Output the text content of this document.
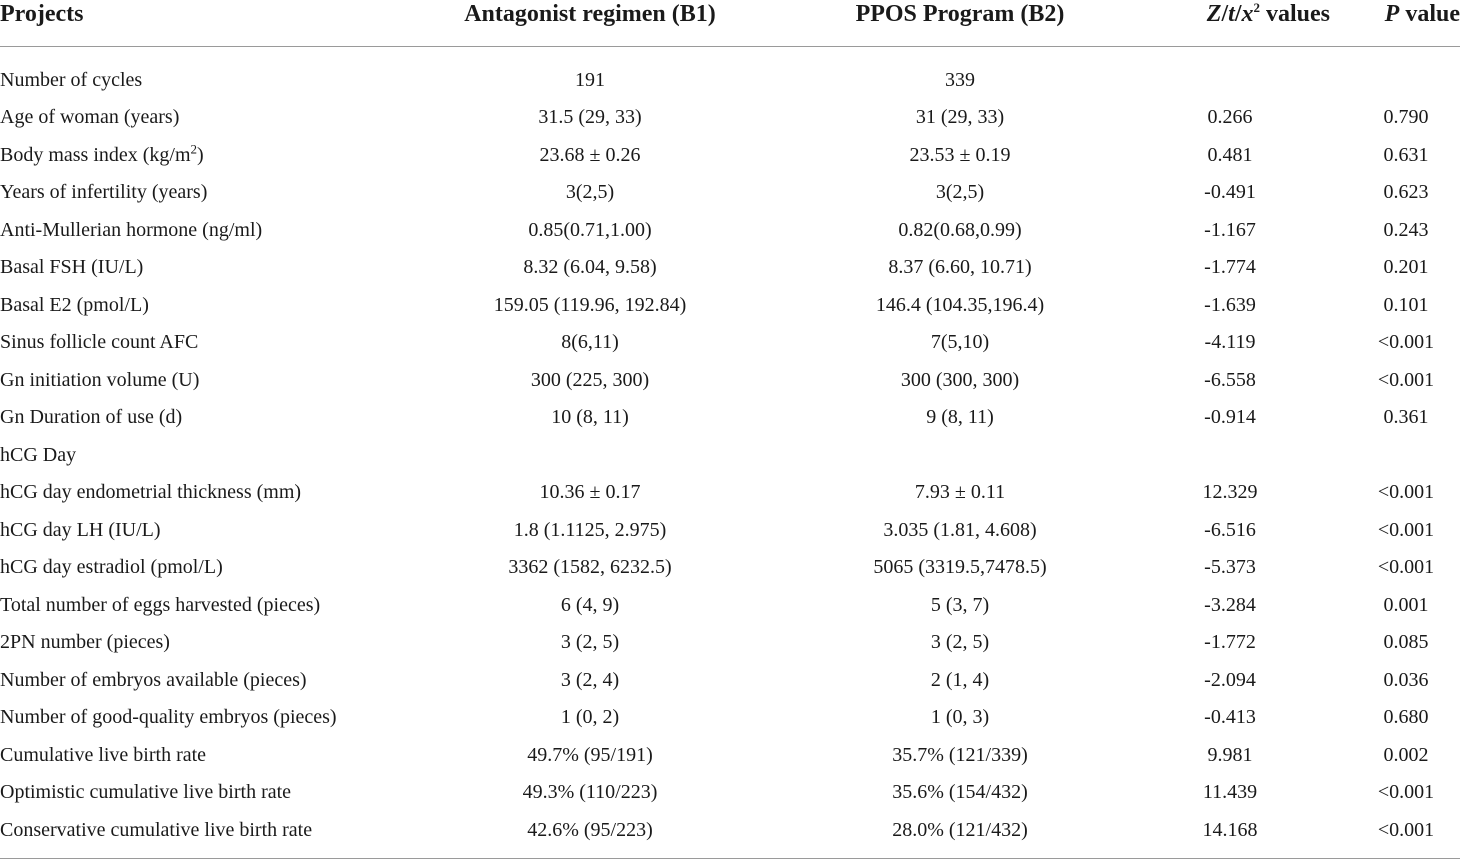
Projects	Antagonist regimen (B1)	PPOS Program (B2)	$Z/t/x^2$ values	P value

Number of cycles	191	339		
Age of woman (years)	31.5 (29, 33)	31 (29, 33)	0.266	0.790
Body mass index $(kg/m^2)$	23.68 ± 0.26	23.53 ± 0.19	0.481	0.631
Years of infertility (years)	3(2,5)	3(2,5)	-0.491	0.623
Anti-Mullerian hormone (ng/ml)	0.85(0.71,1.00)	0.82(0.68,0.99)	-1.167	0.243
Basal FSH (IU/L)	8.32 (6.04, 9.58)	8.37 (6.60, 10.71)	-1.774	0.201
Basal E2 (pmol/L)	159.05 (119.96, 192.84)	146.4 (104.35,196.4)	-1.639	0.101
Sinus follicle count AFC	8(6,11)	7(5,10)	-4.119	<0.001
Gn initiation volume (U)	300 (225, 300)	300 (300, 300)	-6.558	<0.001
Gn Duration of use (d)	10 (8, 11)	9 (8, 11)	-0.914	0.361
hCG Day				
hCG day endometrial thickness (mm)	10.36 ± 0.17	7.93 ± 0.11	12.329	<0.001
hCG day LH (IU/L)	1.8 (1.1125, 2.975)	3.035 (1.81, 4.608)	-6.516	<0.001
hCG day estradiol (pmol/L)	3362 (1582, 6232.5)	5065 (3319.5,7478.5)	-5.373	<0.001
Total number of eggs harvested (pieces)	6 (4, 9)	5 (3, 7)	-3.284	0.001
2PN number (pieces)	3 (2, 5)	3 (2, 5)	-1.772	0.085
Number of embryos available (pieces)	3 (2, 4)	2 (1, 4)	-2.094	0.036
Number of good-quality embryos (pieces)	1 (0, 2)	1 (0, 3)	-0.413	0.680
Cumulative live birth rate	49.7% (95/191)	35.7% (121/339)	9.981	0.002
Optimistic cumulative live birth rate	49.3% (110/223)	35.6% (154/432)	11.439	<0.001
Conservative cumulative live birth rate	42.6% (95/223)	28.0% (121/432)	14.168	<0.001
